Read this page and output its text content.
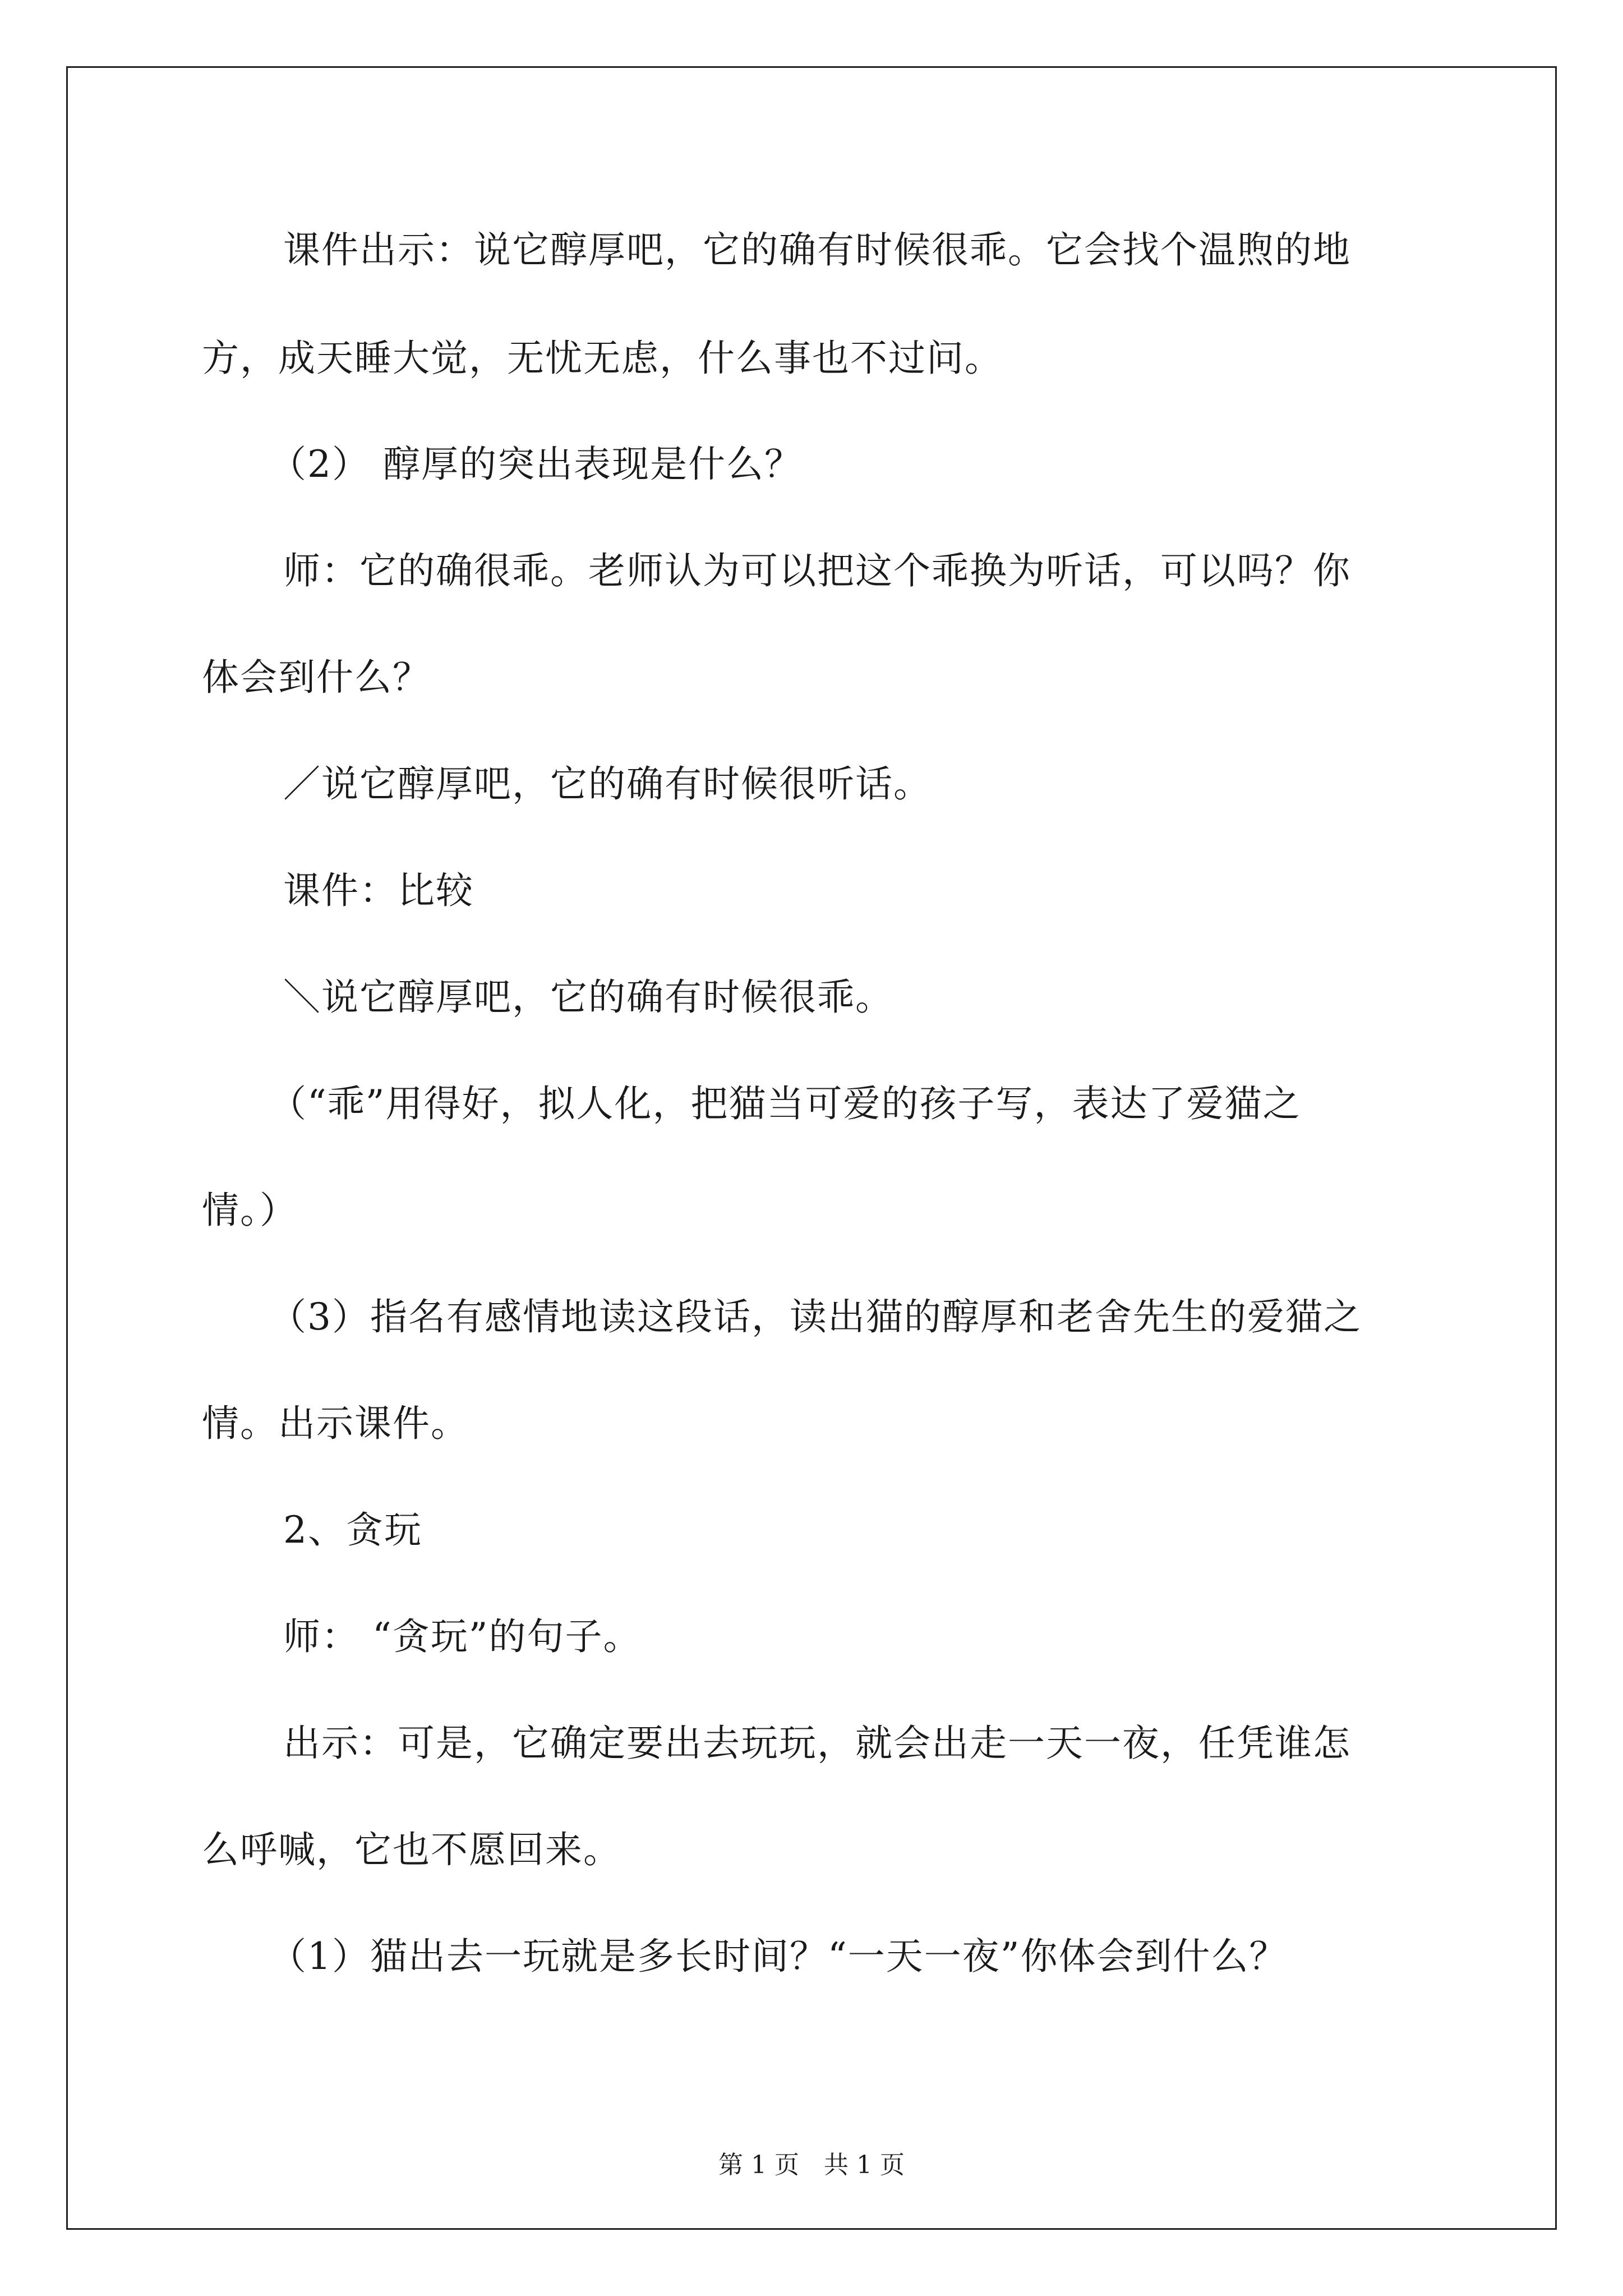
课件出示：说它醇厚吧，它的确有时候很乖。它会找个温煦的地
方，成天睡大觉，无忧无虑，什么事也不过问。
（2） 醇厚的突出表现是什么？
师：它的确很乖。老师认为可以把这个乖换为听话，可以吗？你
体会到什么？
／说它醇厚吧，它的确有时候很听话。
课件：比较
＼说它醇厚吧，它的确有时候很乖。
（“乖”用得好，拟人化，把猫当可爱的孩子写，表达了爱猫之
情。）
（3）指名有感情地读这段话，读出猫的醇厚和老舍先生的爱猫之
情。出示课件。
2、贪玩
师： “贪玩”的句子。
出示：可是，它确定要出去玩玩，就会出走一天一夜，任凭谁怎
么呼喊，它也不愿回来。
（1）猫出去一玩就是多长时间？“一天一夜”你体会到什么？
第 1 页　共 1 页
